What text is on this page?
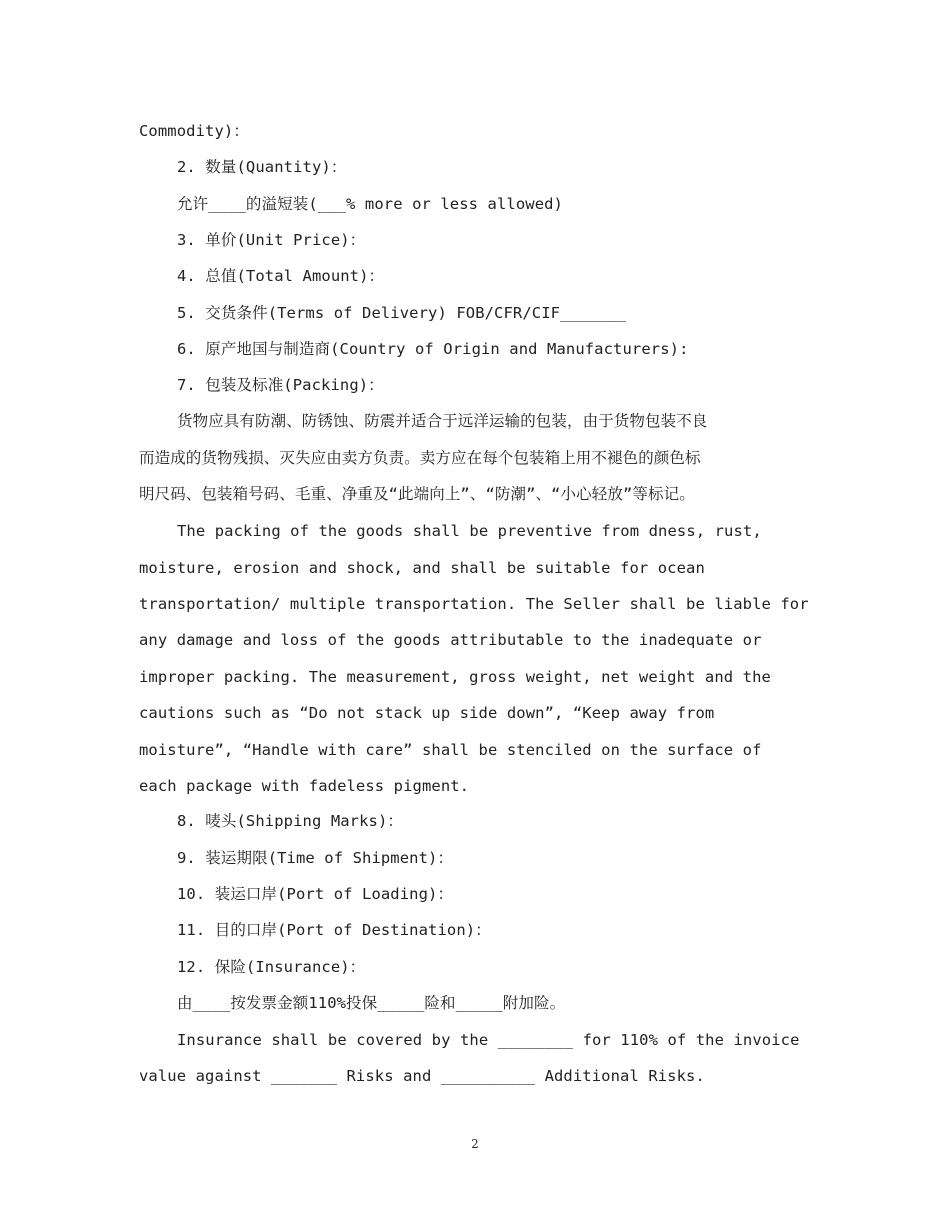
Commodity)：
2. 数量(Quantity)：
允许____的溢短装(___% more or less allowed)
3. 单价(Unit Price)：
4. 总值(Total Amount)：
5. 交货条件(Terms of Delivery) FOB/CFR/CIF_______
6. 原产地国与制造商(Country of Origin and Manufacturers):
7. 包装及标准(Packing)：
货物应具有防潮、防锈蚀、防震并适合于远洋运输的包装，由于货物包装不良
而造成的货物残损、灭失应由卖方负责。卖方应在每个包装箱上用不褪色的颜色标
明尺码、包装箱号码、毛重、净重及“此端向上”、“防潮”、“小心轻放”等标记。
The packing of the goods shall be preventive from dness, rust,
moisture, erosion and shock, and shall be suitable for ocean
transportation/ multiple transportation. The Seller shall be liable for
any damage and loss of the goods attributable to the inadequate or
improper packing. The measurement, gross weight, net weight and the
cautions such as “Do not stack up side down”, “Keep away from
moisture”, “Handle with care” shall be stenciled on the surface of
each package with fadeless pigment.
8. 唛头(Shipping Marks)：
9. 装运期限(Time of Shipment)：
10. 装运口岸(Port of Loading)：
11. 目的口岸(Port of Destination)：
12. 保险(Insurance)：
由____按发票金额110%投保_____险和_____附加险。
Insurance shall be covered by the ________ for 110% of the invoice
value against _______ Risks and __________ Additional Risks.
2
